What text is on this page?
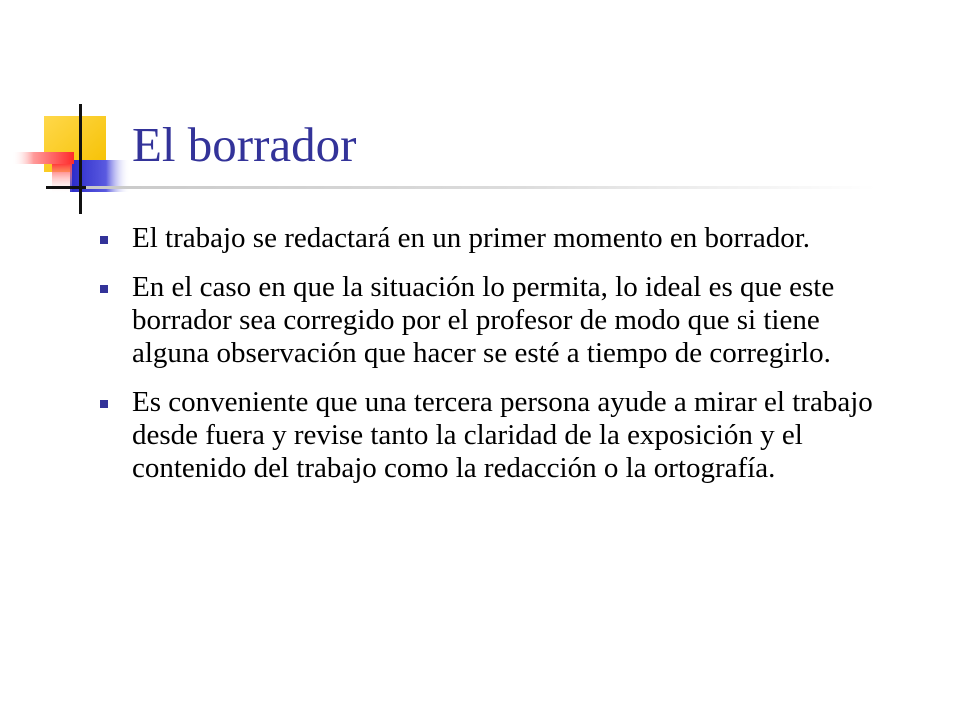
El borrador
El trabajo se redactará en un primer momento en borrador.
En el caso en que la situación lo permita, lo ideal es que este borrador sea corregido por el profesor de modo que si tiene alguna observación que hacer se esté a tiempo de corregirlo.
Es conveniente que una tercera persona ayude a mirar el trabajo desde fuera y revise tanto la claridad de la exposición y el contenido del trabajo como la redacción o la ortografía.
